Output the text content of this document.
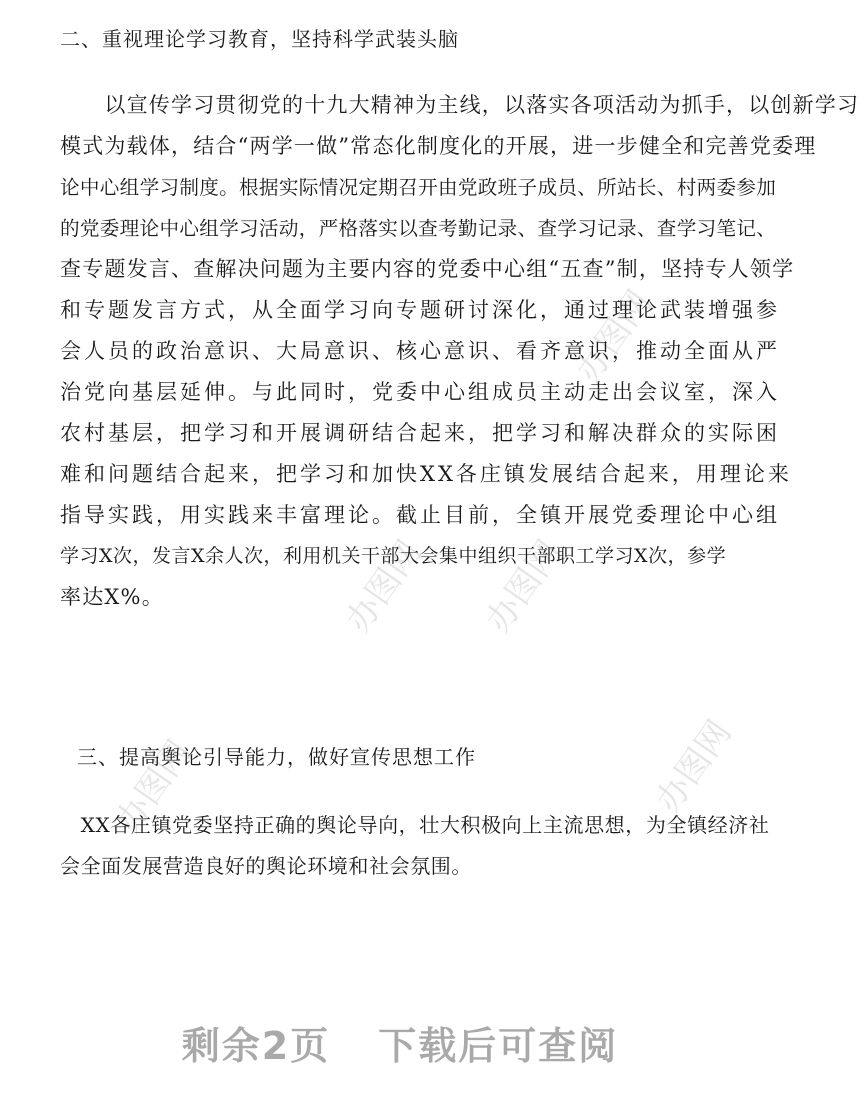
办图网
办图网
办图网
办图网
办图网
二、重视理论学习教育，坚持科学武装头脑
　　以宣传学习贯彻党的十九大精神为主线，以落实各项活动为抓手，以创新学习
模式为载体，结合“两学一做”常态化制度化的开展，进一步健全和完善党委理
论中心组学习制度。根据实际情况定期召开由党政班子成员、所站长、村两委参加
的党委理论中心组学习活动，严格落实以查考勤记录、查学习记录、查学习笔记、
查专题发言、查解决问题为主要内容的党委中心组“五查”制，坚持专人领学
和专题发言方式，从全面学习向专题研讨深化，通过理论武装增强参
会人员的政治意识、大局意识、核心意识、看齐意识，推动全面从严
治党向基层延伸。与此同时，党委中心组成员主动走出会议室，深入
农村基层，把学习和开展调研结合起来，把学习和解决群众的实际困
难和问题结合起来，把学习和加快XX各庄镇发展结合起来，用理论来
指导实践，用实践来丰富理论。截止目前，全镇开展党委理论中心组
学习X次，发言X余人次，利用机关干部大会集中组织干部职工学习X次，参学
率达X%。
三、提高舆论引导能力，做好宣传思想工作
　XX各庄镇党委坚持正确的舆论导向，壮大积极向上主流思想，为全镇经济社
会全面发展营造良好的舆论环境和社会氛围。
剩余2页 下载后可查阅
